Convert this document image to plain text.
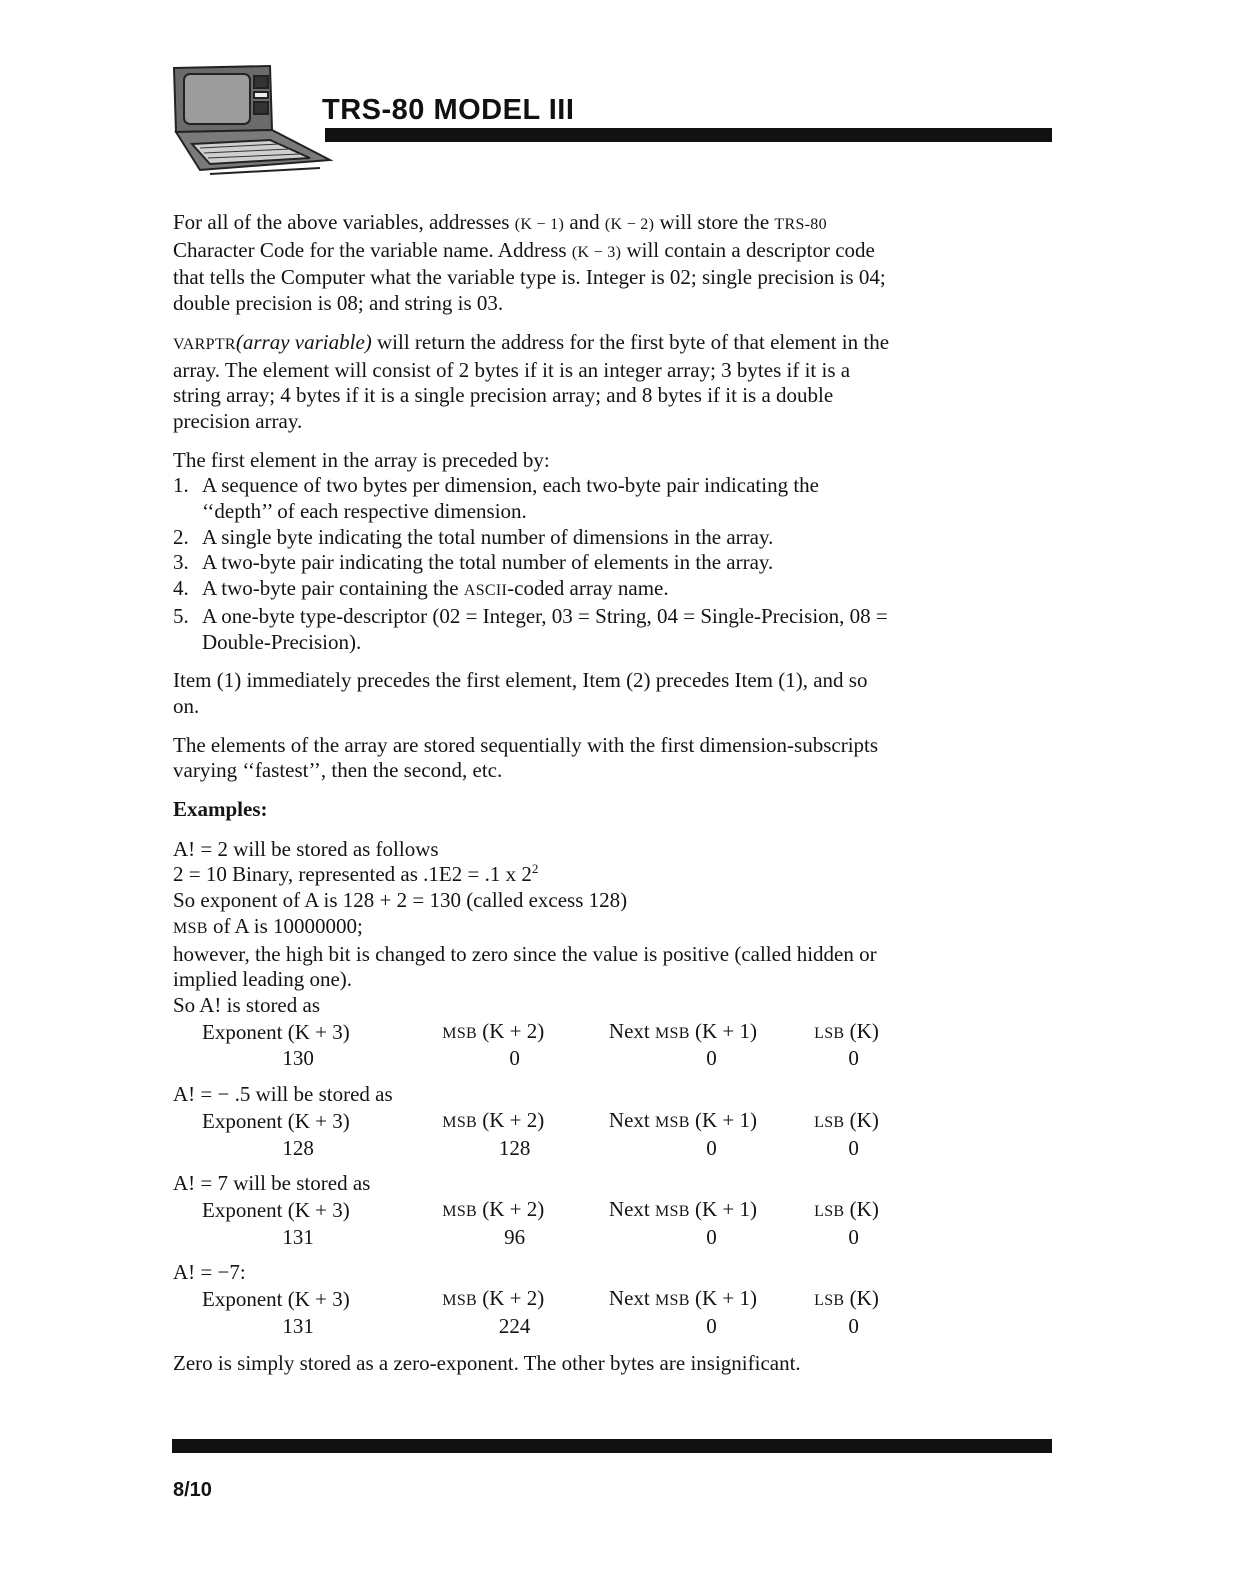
TRS-80 MODEL III

For all of the above variables, addresses (K − 1) and (K − 2) will store the TRS-80 Character Code for the variable name. Address (K − 3) will contain a descriptor code that tells the Computer what the variable type is. Integer is 02; single precision is 04; double precision is 08; and string is 03.

VARPTR(array variable) will return the address for the first byte of that element in the array. The element will consist of 2 bytes if it is an integer array; 3 bytes if it is a string array; 4 bytes if it is a single precision array; and 8 bytes if it is a double precision array.

The first element in the array is preceded by:
1. A sequence of two bytes per dimension, each two-byte pair indicating the ‘‘depth’’ of each respective dimension.
2. A single byte indicating the total number of dimensions in the array.
3. A two-byte pair indicating the total number of elements in the array.
4. A two-byte pair containing the ASCII-coded array name.
5. A one-byte type-descriptor (02 = Integer, 03 = String, 04 = Single-Precision, 08 = Double-Precision).

Item (1) immediately precedes the first element, Item (2) precedes Item (1), and so on.

The elements of the array are stored sequentially with the first dimension-subscripts varying ‘‘fastest’’, then the second, etc.

Examples:
A! = 2 will be stored as follows
2 = 10 Binary, represented as .1E2 = .1 x $2^2$
So exponent of A is 128 + 2 = 130 (called excess 128)
MSB of A is 10000000;
however, the high bit is changed to zero since the value is positive (called hidden or implied leading one).
So A! is stored as
Exponent (K + 3)	MSB (K + 2)	Next MSB (K + 1)	LSB (K)
130	0	0	0
A! = − .5 will be stored as
Exponent (K + 3)	MSB (K + 2)	Next MSB (K + 1)	LSB (K)
128	128	0	0
A! = 7 will be stored as
Exponent (K + 3)	MSB (K + 2)	Next MSB (K + 1)	LSB (K)
131	96	0	0
A! = −7:
Exponent (K + 3)	MSB (K + 2)	Next MSB (K + 1)	LSB (K)
131	224	0	0

Zero is simply stored as a zero-exponent. The other bytes are insignificant.

8/10
